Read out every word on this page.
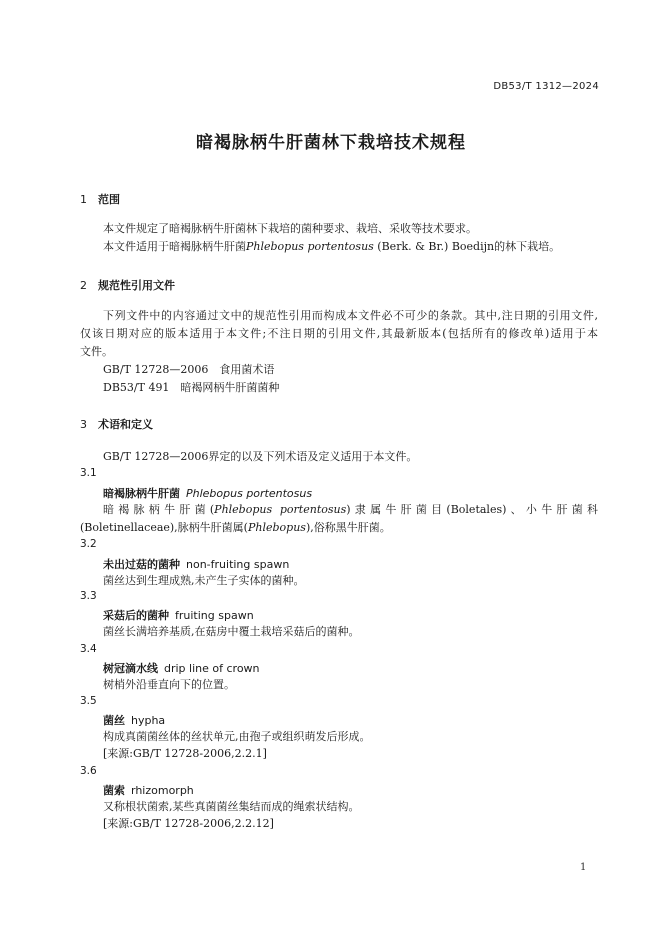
DB53/T 1312—2024
暗褐脉柄牛肝菌林下栽培技术规程
1 范围
本文件规定了暗褐脉柄牛肝菌林下栽培的菌种要求、栽培、采收等技术要求。
本文件适用于暗褐脉柄牛肝菌Phlebopus portentosus (Berk. & Br.) Boedijn的林下栽培。
2 规范性引用文件
下列文件中的内容通过文中的规范性引用而构成本文件必不可少的条款。其中,注日期的引用文件,
仅该日期对应的版本适用于本文件;不注日期的引用文件,其最新版本(包括所有的修改单)适用于本
文件。
GB/T 12728—2006　食用菌术语
DB53/T 491　暗褐网柄牛肝菌菌种
3 术语和定义
GB/T 12728—2006界定的以及下列术语及定义适用于本文件。
3.1
暗褐脉柄牛肝菌 Phlebopus portentosus
暗褐脉柄牛肝菌(Phlebopus portentosus)隶属牛肝菌目(Boletales)、小牛肝菌科
(Boletinellaceae),脉柄牛肝菌属(Phlebopus),俗称黑牛肝菌。
3.2
未出过菇的菌种 non-fruiting spawn
菌丝达到生理成熟,未产生子实体的菌种。
3.3
采菇后的菌种 fruiting spawn
菌丝长满培养基质,在菇房中覆土栽培采菇后的菌种。
3.4
树冠滴水线 drip line of crown
树梢外沿垂直向下的位置。
3.5
菌丝 hypha
构成真菌菌丝体的丝状单元,由孢子或组织萌发后形成。
[来源:GB/T 12728-2006,2.2.1]
3.6
菌索 rhizomorph
又称根状菌索,某些真菌菌丝集结而成的绳索状结构。
[来源:GB/T 12728-2006,2.2.12]
1
